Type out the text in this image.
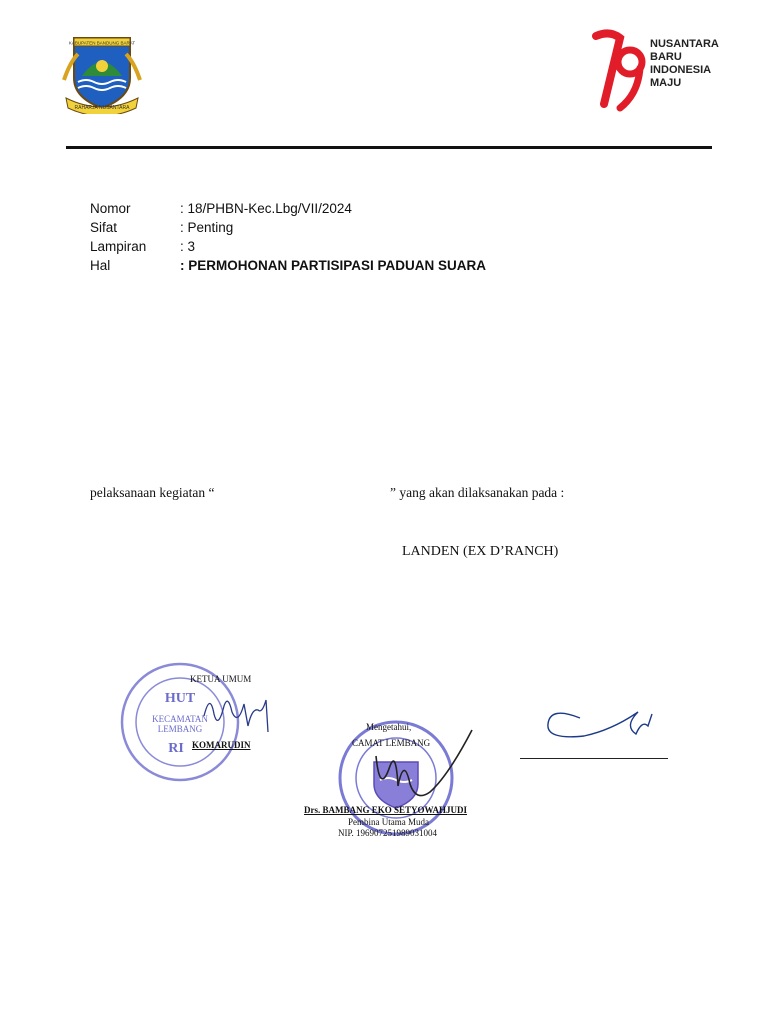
KABUPATEN BANDUNG BARAT
RAHARJA NUSANTARA
NUSANTARA
BARU
INDONESIA
MAJU
Nomor	: 18/PHBN-Kec.Lbg/VII/2024
Sifat	: Penting
Lampiran : 3
Hal	: PERMOHONAN PARTISIPASI PADUAN SUARA
pelaksanaan kegiatan “	” yang akan dilaksanakan pada :
LANDEN (EX D’RANCH)
HUT
KECAMATAN
LEMBANG
RI
KETUA UMUM
KOMARUDIN
Mengetahui,
CAMAT LEMBANG
Drs. BAMBANG EKO SETYOWAHJUDI
Pembina Utama Muda
NIP. 196907251989031004
